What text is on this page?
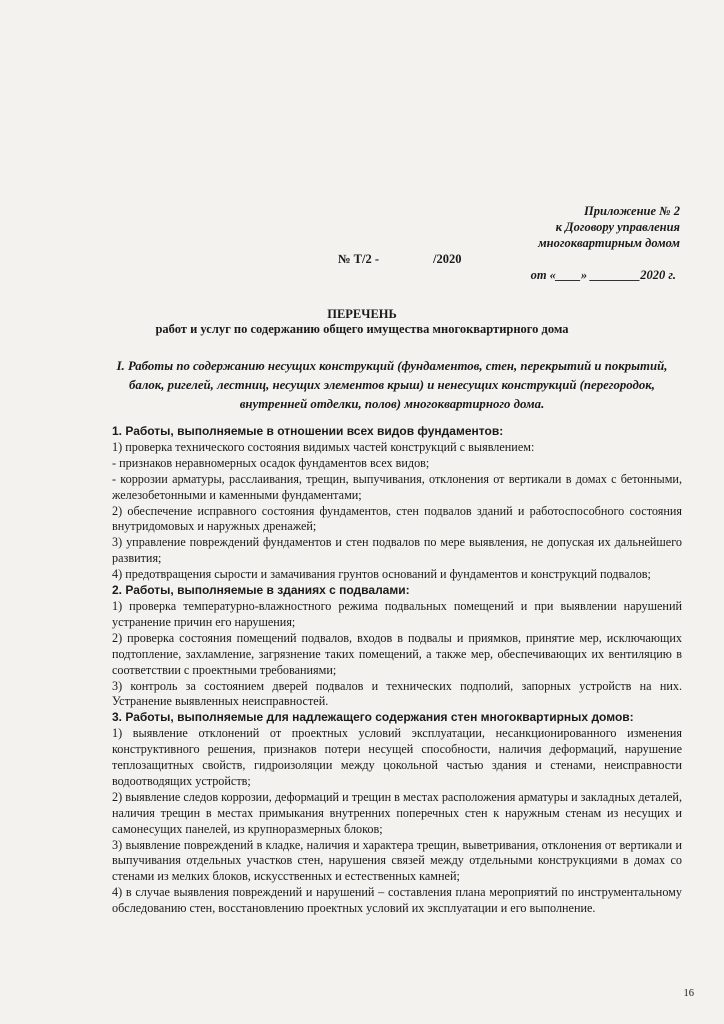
Приложение № 2
к Договору управления
многоквартирным домом
№ Т/2 -	/2020
от «____» ________2020 г.
ПЕРЕЧЕНЬ
работ и услуг по содержанию общего имущества многоквартирного дома
I. Работы по содержанию несущих конструкций (фундаментов, стен, перекрытий и покрытий, балок, ригелей, лестниц, несущих элементов крыш) и ненесущих конструкций (перегородок, внутренней отделки, полов) многоквартирного дома.

1. Работы, выполняемые в отношении всех видов фундаментов:

1) проверка технического состояния видимых частей конструкций с выявлением:

- признаков неравномерных осадок фундаментов всех видов;

- коррозии арматуры, расслаивания, трещин, выпучивания, отклонения от вертикали в домах с бетонными, железобетонными и каменными фундаментами;

2) обеспечение исправного состояния фундаментов, стен подвалов зданий и работоспособного состояния внутридомовых и наружных дренажей;

3) управление повреждений фундаментов и стен подвалов по мере выявления, не допуская их дальнейшего развития;

4) предотвращения сырости и замачивания грунтов оснований и фундаментов и конструкций подвалов;

2. Работы, выполняемые в зданиях с подвалами:

1) проверка температурно-влажностного режима подвальных помещений и при выявлении нарушений устранение причин его нарушения;

2) проверка состояния помещений подвалов, входов в подвалы и приямков, принятие мер, исключающих подтопление, захламление, загрязнение таких помещений, а также мер, обеспечивающих их вентиляцию в соответствии с проектными требованиями;

3) контроль за состоянием дверей подвалов и технических подполий, запорных устройств на них. Устранение выявленных неисправностей.

3. Работы, выполняемые для надлежащего содержания стен многоквартирных домов:

1) выявление отклонений от проектных условий эксплуатации, несанкционированного изменения конструктивного решения, признаков потери несущей способности, наличия деформаций, нарушение теплозащитных свойств, гидроизоляции между цокольной частью здания и стенами, неисправности водоотводящих устройств;

2) выявление следов коррозии, деформаций и трещин в местах расположения арматуры и закладных деталей, наличия трещин в местах примыкания внутренних поперечных стен к наружным стенам из несущих и самонесущих панелей, из крупноразмерных блоков;

3) выявление повреждений в кладке, наличия и характера трещин, выветривания, отклонения от вертикали и выпучивания отдельных участков стен, нарушения связей между отдельными конструкциями в домах со стенами из мелких блоков, искусственных и естественных камней;

4) в случае выявления повреждений и нарушений – составления плана мероприятий по инструментальному обследованию стен, восстановлению проектных условий их эксплуатации и его выполнение.

16
